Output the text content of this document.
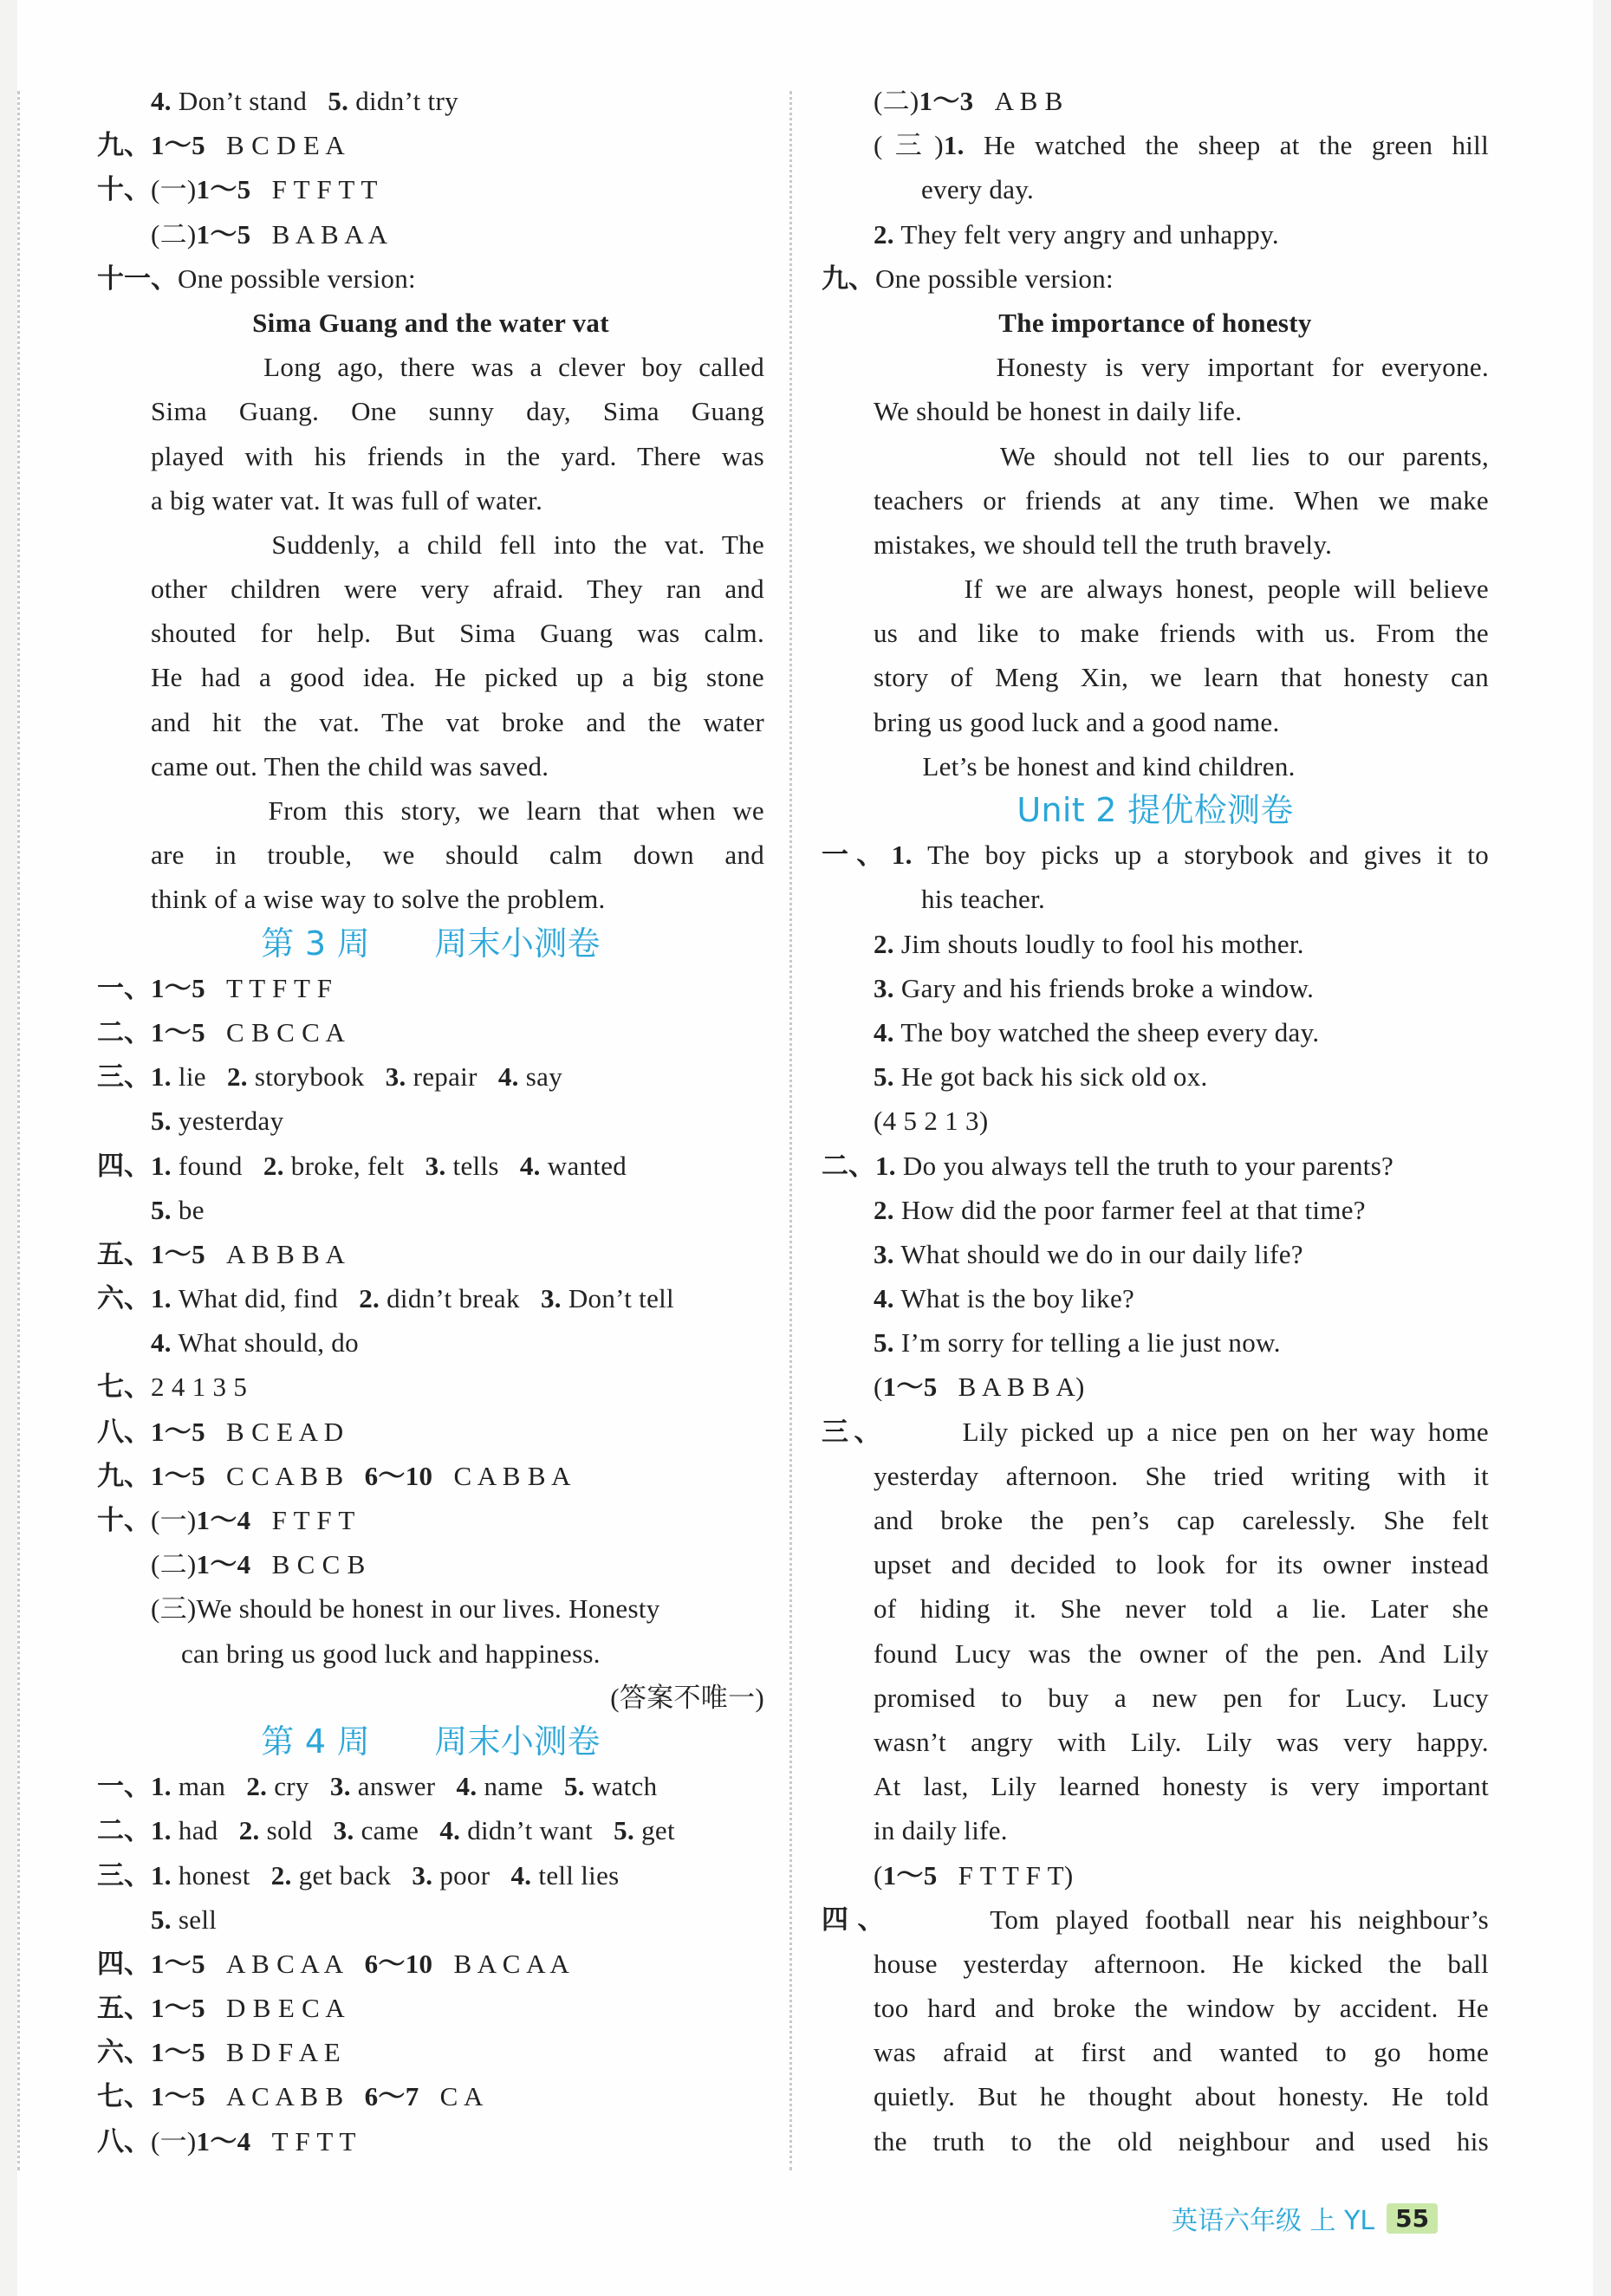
4. Don’t stand   5. didn’t try
九、1～5   B C D E A
十、(一)1～5   F T F T T
(二)1～5   B A B A A
十一、One possible version:
Sima Guang and the water vat
Long ago, there was a clever boy called
Sima Guang. One sunny day, Sima Guang
played with his friends in the yard. There was
a big water vat. It was full of water.
Suddenly, a child fell into the vat. The
other children were very afraid. They ran and
shouted for help. But Sima Guang was calm.
He had a good idea. He picked up a big stone
and hit the vat. The vat broke and the water
came out. Then the child was saved.
From this story, we learn that when we
are in trouble, we should calm down and
think of a wise way to solve the problem.
第 3 周      周末小测卷
一、1～5   T T F T F
二、1～5   C B C C A
三、1. lie   2. storybook   3. repair   4. say
5. yesterday
四、1. found   2. broke, felt   3. tells   4. wanted
5. be
五、1～5   A B B B A
六、1. What did, find   2. didn’t break   3. Don’t tell
4. What should, do
七、2 4 1 3 5
八、1～5   B C E A D
九、1～5   C C A B B   6～10   C A B B A
十、(一)1～4   F T F T
(二)1～4   B C C B
(三)We should be honest in our lives. Honesty
can bring us good luck and happiness.
(答案不唯一)
第 4 周      周末小测卷
一、1. man   2. cry   3. answer   4. name   5. watch
二、1. had   2. sold   3. came   4. didn’t want   5. get
三、1. honest   2. get back   3. poor   4. tell lies
5. sell
四、1～5   A B C A A   6～10   B A C A A
五、1～5   D B E C A
六、1～5   B D F A E
七、1～5   A C A B B   6～7   C A
八、(一)1～4   T F T T
(二)1～3   A B B
(三)1. He watched the sheep at the green hill
every day.
2. They felt very angry and unhappy.
九、One possible version:
The importance of honesty
Honesty is very important for everyone.
We should be honest in daily life.
We should not tell lies to our parents,
teachers or friends at any time. When we make
mistakes, we should tell the truth bravely.
If we are always honest, people will believe
us and like to make friends with us. From the
story of Meng Xin, we learn that honesty can
bring us good luck and a good name.
Let’s be honest and kind children.
Unit 2 提优检测卷
一、1. The boy picks up a storybook and gives it to
his teacher.
2. Jim shouts loudly to fool his mother.
3. Gary and his friends broke a window.
4. The boy watched the sheep every day.
5. He got back his sick old ox.
(4 5 2 1 3)
二、1. Do you always tell the truth to your parents?
2. How did the poor farmer feel at that time?
3. What should we do in our daily life?
4. What is the boy like?
5. I’m sorry for telling a lie just now.
(1～5   B A B B A)
三、      Lily picked up a nice pen on her way home
yesterday afternoon. She tried writing with it
and broke the pen’s cap carelessly. She felt
upset and decided to look for its owner instead
of hiding it. She never told a lie. Later she
found Lucy was the owner of the pen. And Lily
promised to buy a new pen for Lucy. Lucy
wasn’t angry with Lily. Lily was very happy.
At last, Lily learned honesty is very important
in daily life.
(1～5   F T T F T)
四、      Tom played football near his neighbour’s
house yesterday afternoon. He kicked the ball
too hard and broke the window by accident. He
was afraid at first and wanted to go home
quietly. But he thought about honesty. He told
the truth to the old neighbour and used his
英语六年级 上 YL 55
